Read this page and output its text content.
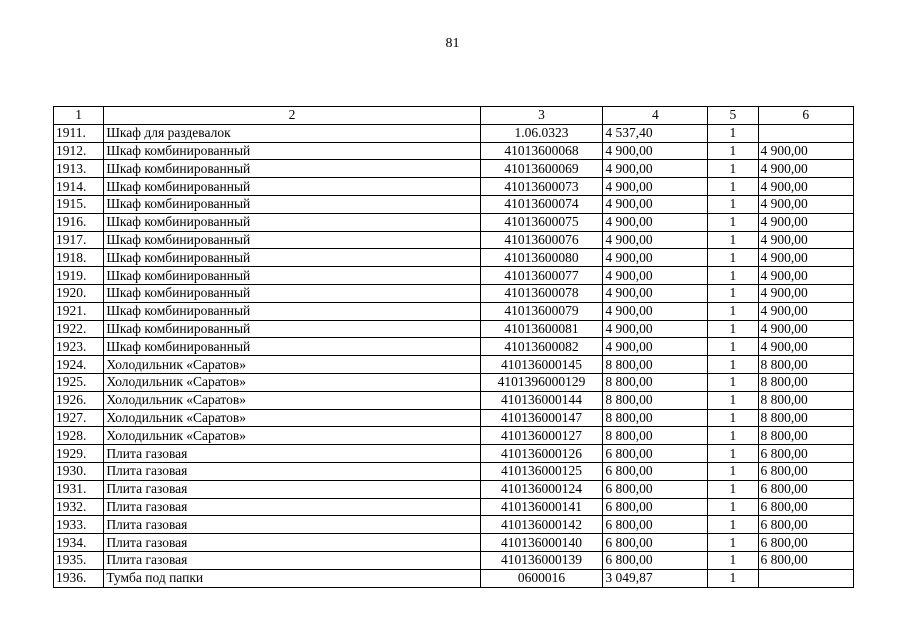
81
1	2	3	4	5	6
1911.	Шкаф для раздевалок	1.06.0323	4 537,40	1	
1912.	Шкаф комбинированный	41013600068	4 900,00	1	4 900,00
1913.	Шкаф комбинированный	41013600069	4 900,00	1	4 900,00
1914.	Шкаф комбинированный	41013600073	4 900,00	1	4 900,00
1915.	Шкаф комбинированный	41013600074	4 900,00	1	4 900,00
1916.	Шкаф комбинированный	41013600075	4 900,00	1	4 900,00
1917.	Шкаф комбинированный	41013600076	4 900,00	1	4 900,00
1918.	Шкаф комбинированный	41013600080	4 900,00	1	4 900,00
1919.	Шкаф комбинированный	41013600077	4 900,00	1	4 900,00
1920.	Шкаф комбинированный	41013600078	4 900,00	1	4 900,00
1921.	Шкаф комбинированный	41013600079	4 900,00	1	4 900,00
1922.	Шкаф комбинированный	41013600081	4 900,00	1	4 900,00
1923.	Шкаф комбинированный	41013600082	4 900,00	1	4 900,00
1924.	Холодильник «Саратов»	410136000145	8 800,00	1	8 800,00
1925.	Холодильник «Саратов»	4101396000129	8 800,00	1	8 800,00
1926.	Холодильник «Саратов»	410136000144	8 800,00	1	8 800,00
1927.	Холодильник «Саратов»	410136000147	8 800,00	1	8 800,00
1928.	Холодильник «Саратов»	410136000127	8 800,00	1	8 800,00
1929.	Плита газовая	410136000126	6 800,00	1	6 800,00
1930.	Плита газовая	410136000125	6 800,00	1	6 800,00
1931.	Плита газовая	410136000124	6 800,00	1	6 800,00
1932.	Плита газовая	410136000141	6 800,00	1	6 800,00
1933.	Плита газовая	410136000142	6 800,00	1	6 800,00
1934.	Плита газовая	410136000140	6 800,00	1	6 800,00
1935.	Плита газовая	410136000139	6 800,00	1	6 800,00
1936.	Тумба под папки	0600016	3 049,87	1	
